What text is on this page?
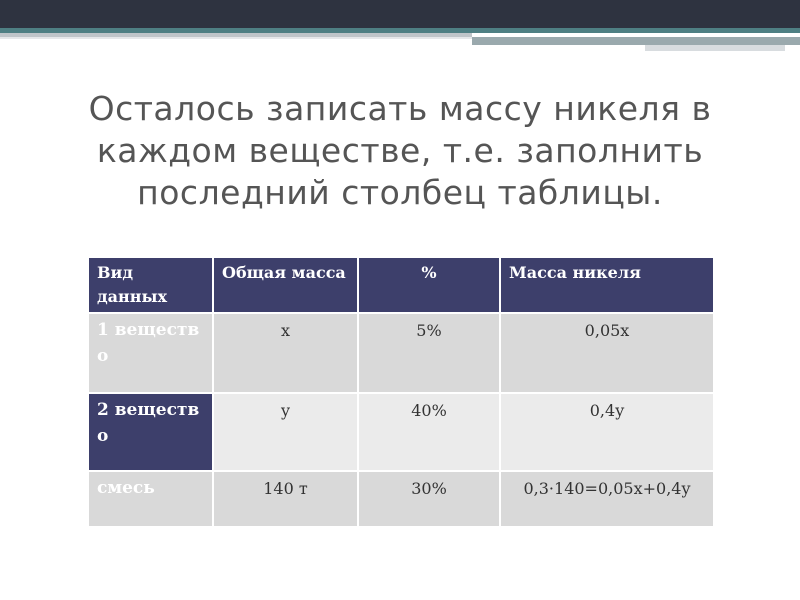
Осталось записать массу никеля в каждом веществе, т.е. заполнить последний столбец таблицы.
Вид данных	Общая масса	%	Масса никеля
1 веществ о	x	5%	0,05x
2 веществ о	y	40%	0,4y
смесь	140 т	30%	0,3·140=0,05x+0,4y
